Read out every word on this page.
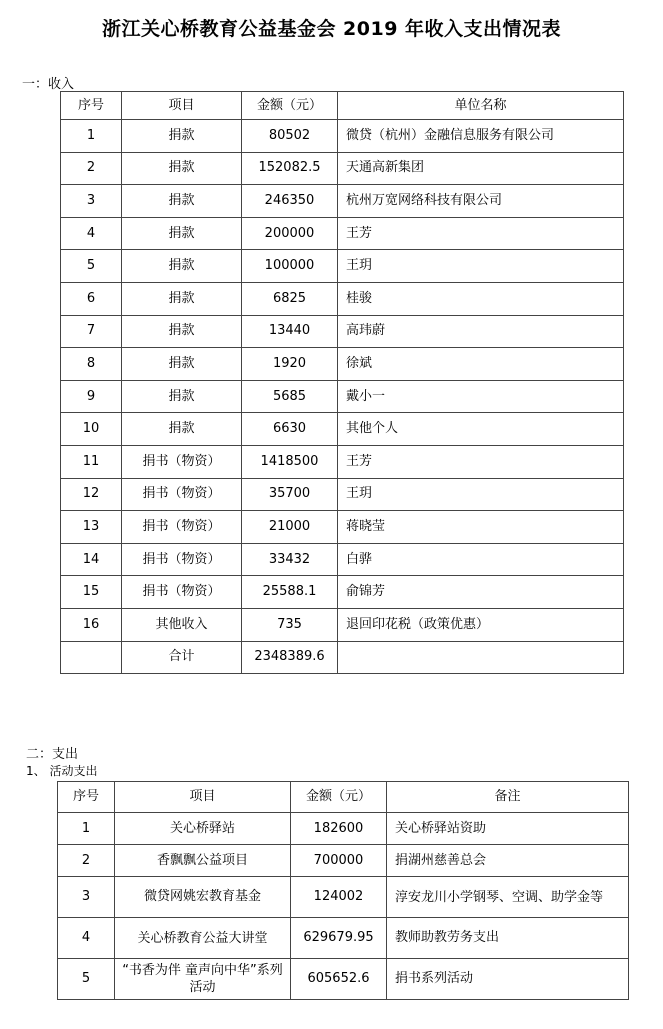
浙江关心桥教育公益基金会 2019 年收入支出情况表
一：收入
序号	项目	金额（元）	单位名称
1	捐款	80502	微贷（杭州）金融信息服务有限公司
2	捐款	152082.5	天通高新集团
3	捐款	246350	杭州万宽网络科技有限公司
4	捐款	200000	王芳
5	捐款	100000	王玥
6	捐款	6825	桂骏
7	捐款	13440	高玮蔚
8	捐款	1920	徐斌
9	捐款	5685	戴小一
10	捐款	6630	其他个人
11	捐书（物资）	1418500	王芳
12	捐书（物资）	35700	王玥
13	捐书（物资）	21000	蒋晓莹
14	捐书（物资）	33432	白骅
15	捐书（物资）	25588.1	俞锦芳
16	其他收入	735	退回印花税（政策优惠）
	合计	2348389.6	
二：支出
1、 活动支出
序号	项目	金额（元）	备注
1	关心桥驿站	182600	关心桥驿站资助
2	香飘飘公益项目	700000	捐湖州慈善总会
3	微贷网姚宏教育基金	124002	淳安龙川小学钢琴、空调、助学金等
4	关心桥教育公益大讲堂	629679.95	教师助教劳务支出
5	“书香为伴 童声向中华”系列活动	605652.6	捐书系列活动
